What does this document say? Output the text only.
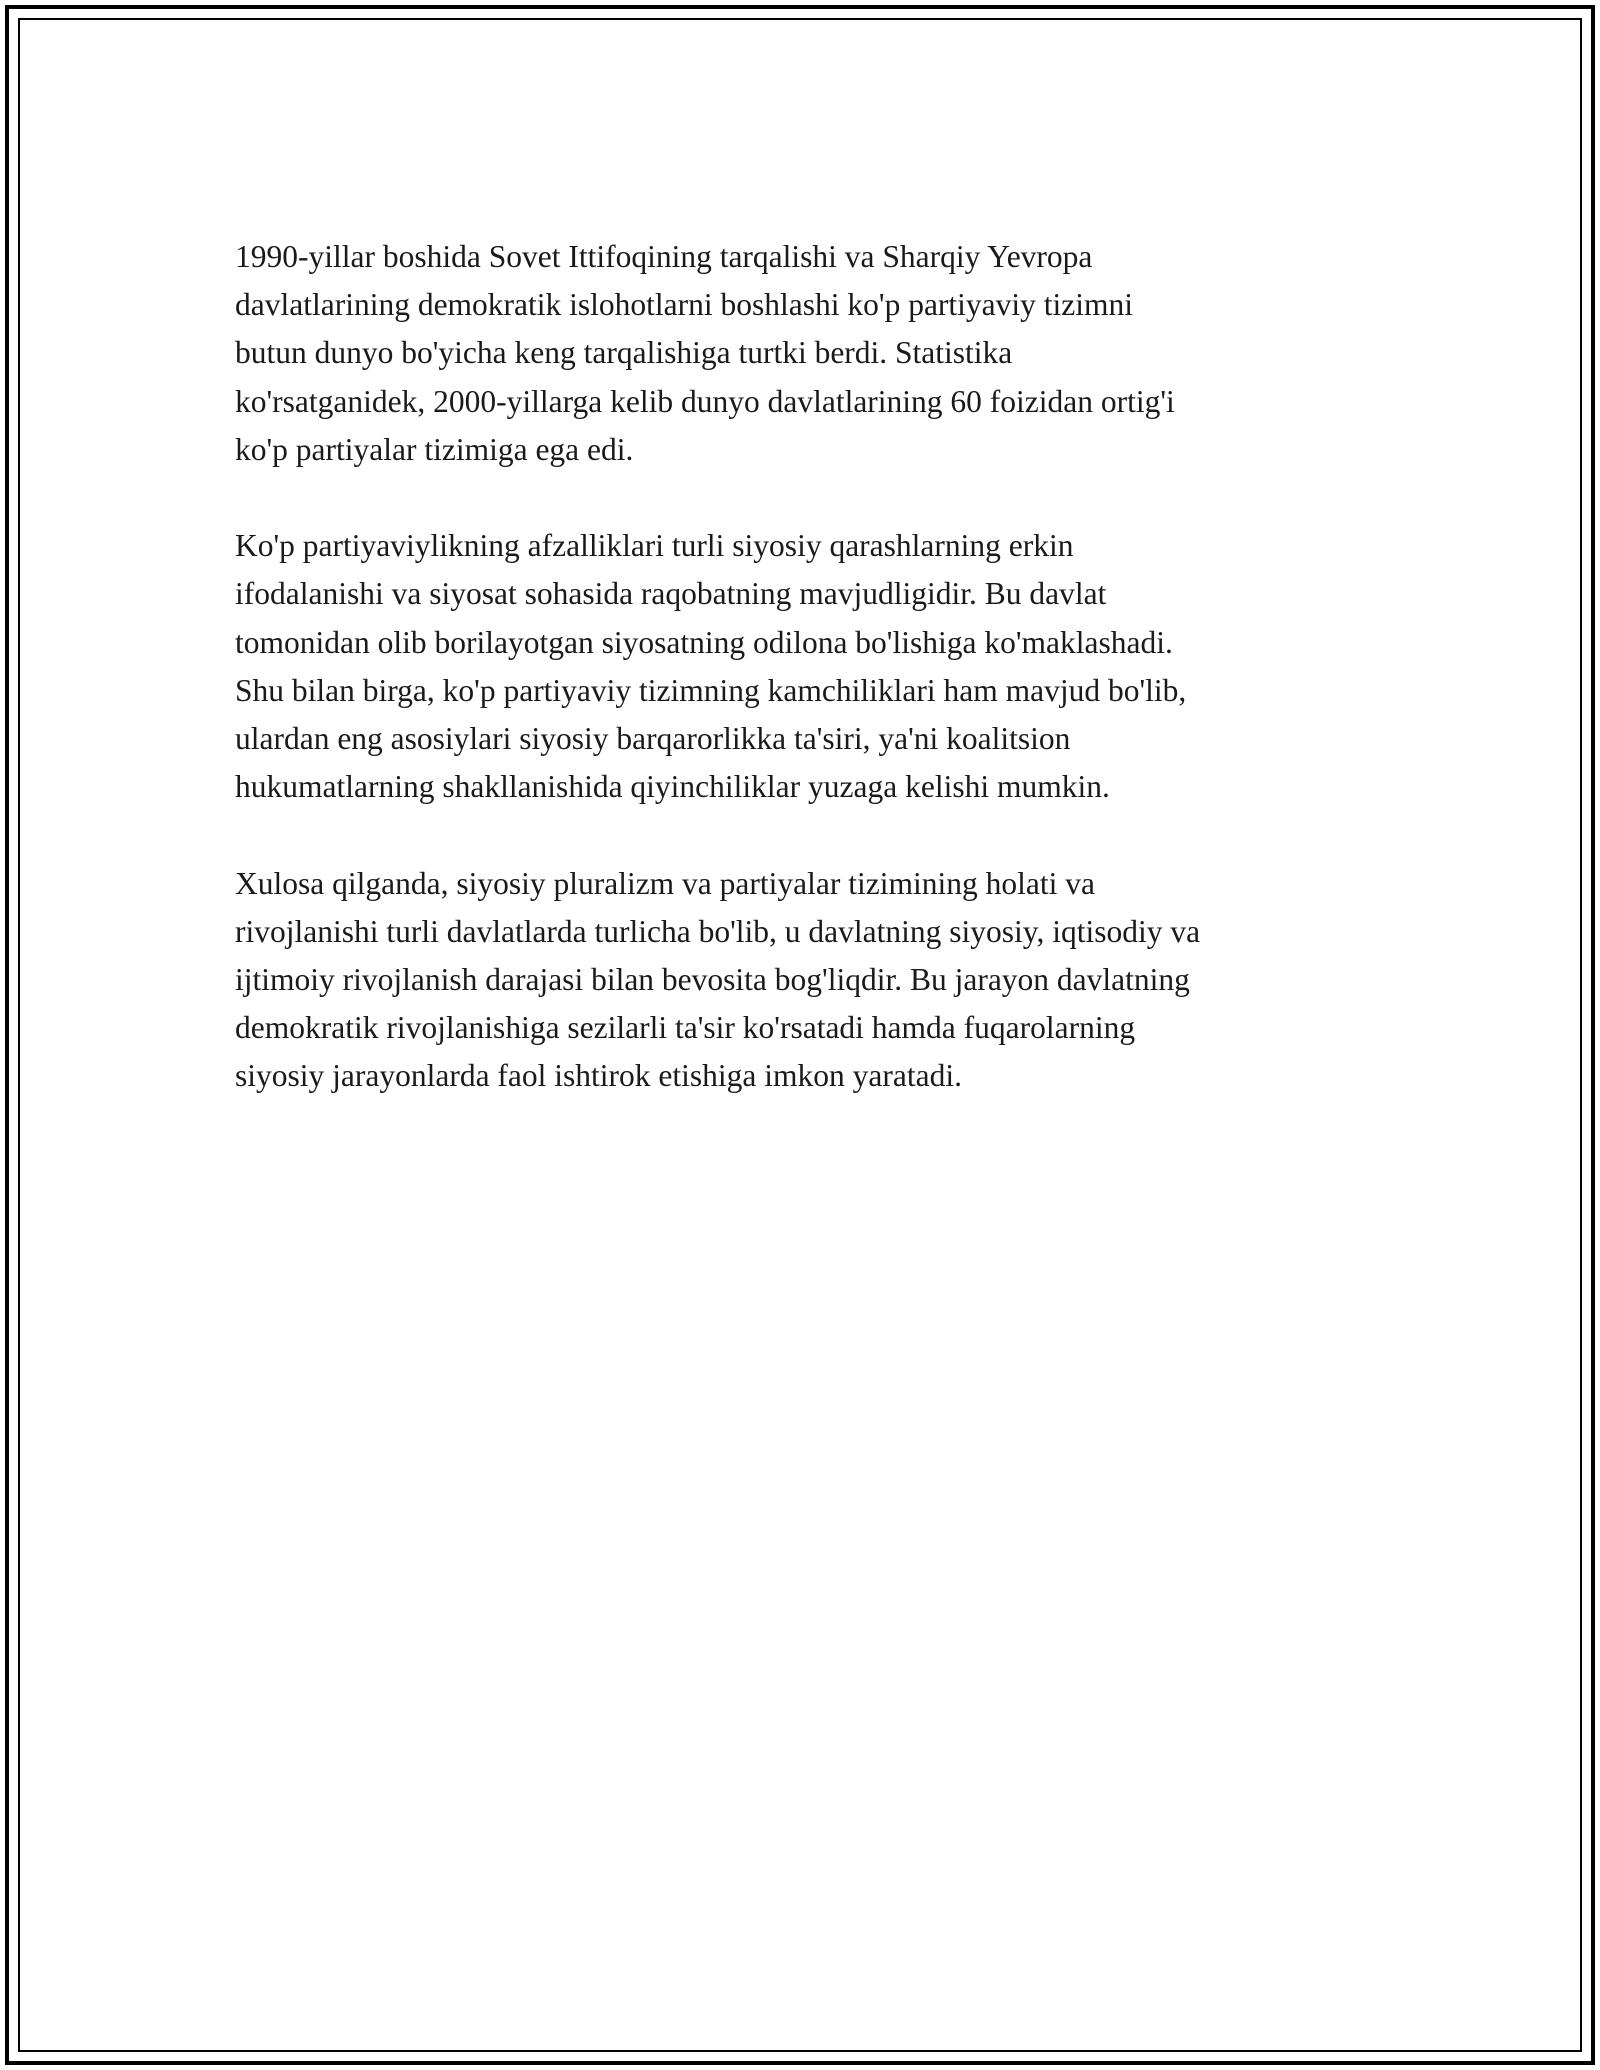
1990-yillar boshida Sovet Ittifoqining tarqalishi va Sharqiy Yevropa
davlatlarining demokratik islohotlarni boshlashi ko'p partiyaviy tizimni
butun dunyo bo'yicha keng tarqalishiga turtki berdi. Statistika
ko'rsatganidek, 2000-yillarga kelib dunyo davlatlarining 60 foizidan ortig'i
ko'p partiyalar tizimiga ega edi.

Ko'p partiyaviylikning afzalliklari turli siyosiy qarashlarning erkin
ifodalanishi va siyosat sohasida raqobatning mavjudligidir. Bu davlat
tomonidan olib borilayotgan siyosatning odilona bo'lishiga ko'maklashadi.
Shu bilan birga, ko'p partiyaviy tizimning kamchiliklari ham mavjud bo'lib,
ulardan eng asosiylari siyosiy barqarorlikka ta'siri, ya'ni koalitsion
hukumatlarning shakllanishida qiyinchiliklar yuzaga kelishi mumkin.

Xulosa qilganda, siyosiy pluralizm va partiyalar tizimining holati va
rivojlanishi turli davlatlarda turlicha bo'lib, u davlatning siyosiy, iqtisodiy va
ijtimoiy rivojlanish darajasi bilan bevosita bog'liqdir. Bu jarayon davlatning
demokratik rivojlanishiga sezilarli ta'sir ko'rsatadi hamda fuqarolarning
siyosiy jarayonlarda faol ishtirok etishiga imkon yaratadi.
